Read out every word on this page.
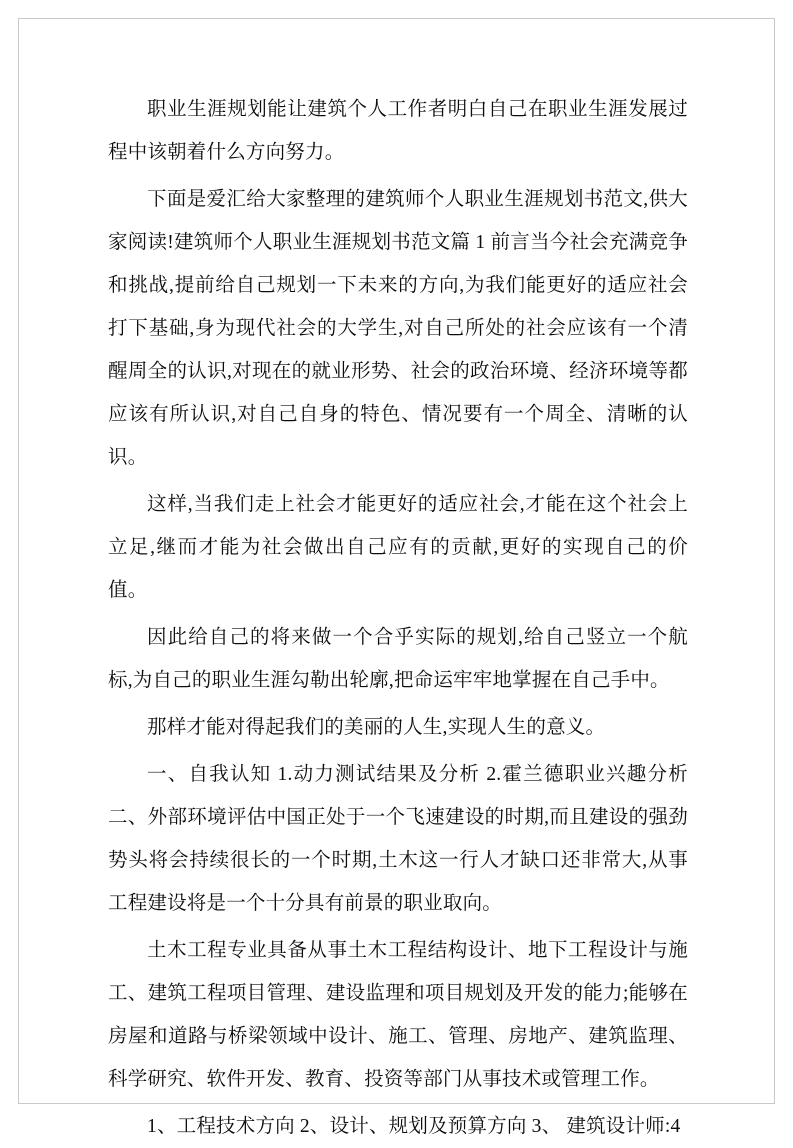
职业生涯规划能让建筑个人工作者明白自己在职业生涯发展过程中该朝着什么方向努力。

下面是爱汇给大家整理的建筑师个人职业生涯规划书范文,供大家阅读!建筑师个人职业生涯规划书范文篇 1 前言当今社会充满竞争和挑战,提前给自己规划一下未来的方向,为我们能更好的适应社会打下基础,身为现代社会的大学生,对自己所处的社会应该有一个清醒周全的认识,对现在的就业形势、社会的政治环境、经济环境等都应该有所认识,对自己自身的特色、情况要有一个周全、清晰的认识。

这样,当我们走上社会才能更好的适应社会,才能在这个社会上立足,继而才能为社会做出自己应有的贡献,更好的实现自己的价值。

因此给自己的将来做一个合乎实际的规划,给自己竖立一个航标,为自己的职业生涯勾勒出轮廓,把命运牢牢地掌握在自己手中。

那样才能对得起我们的美丽的人生,实现人生的意义。

一、自我认知 1.动力测试结果及分析 2.霍兰德职业兴趣分析二、外部环境评估中国正处于一个飞速建设的时期,而且建设的强劲势头将会持续很长的一个时期,土木这一行人才缺口还非常大,从事工程建设将是一个十分具有前景的职业取向。

土木工程专业具备从事土木工程结构设计、地下工程设计与施工、建筑工程项目管理、建设监理和项目规划及开发的能力;能够在房屋和道路与桥梁领域中设计、施工、管理、房地产、建筑监理、科学研究、软件开发、教育、投资等部门从事技术或管理工作。

1、工程技术方向 2、设计、规划及预算方向 3、 建筑设计师:4
